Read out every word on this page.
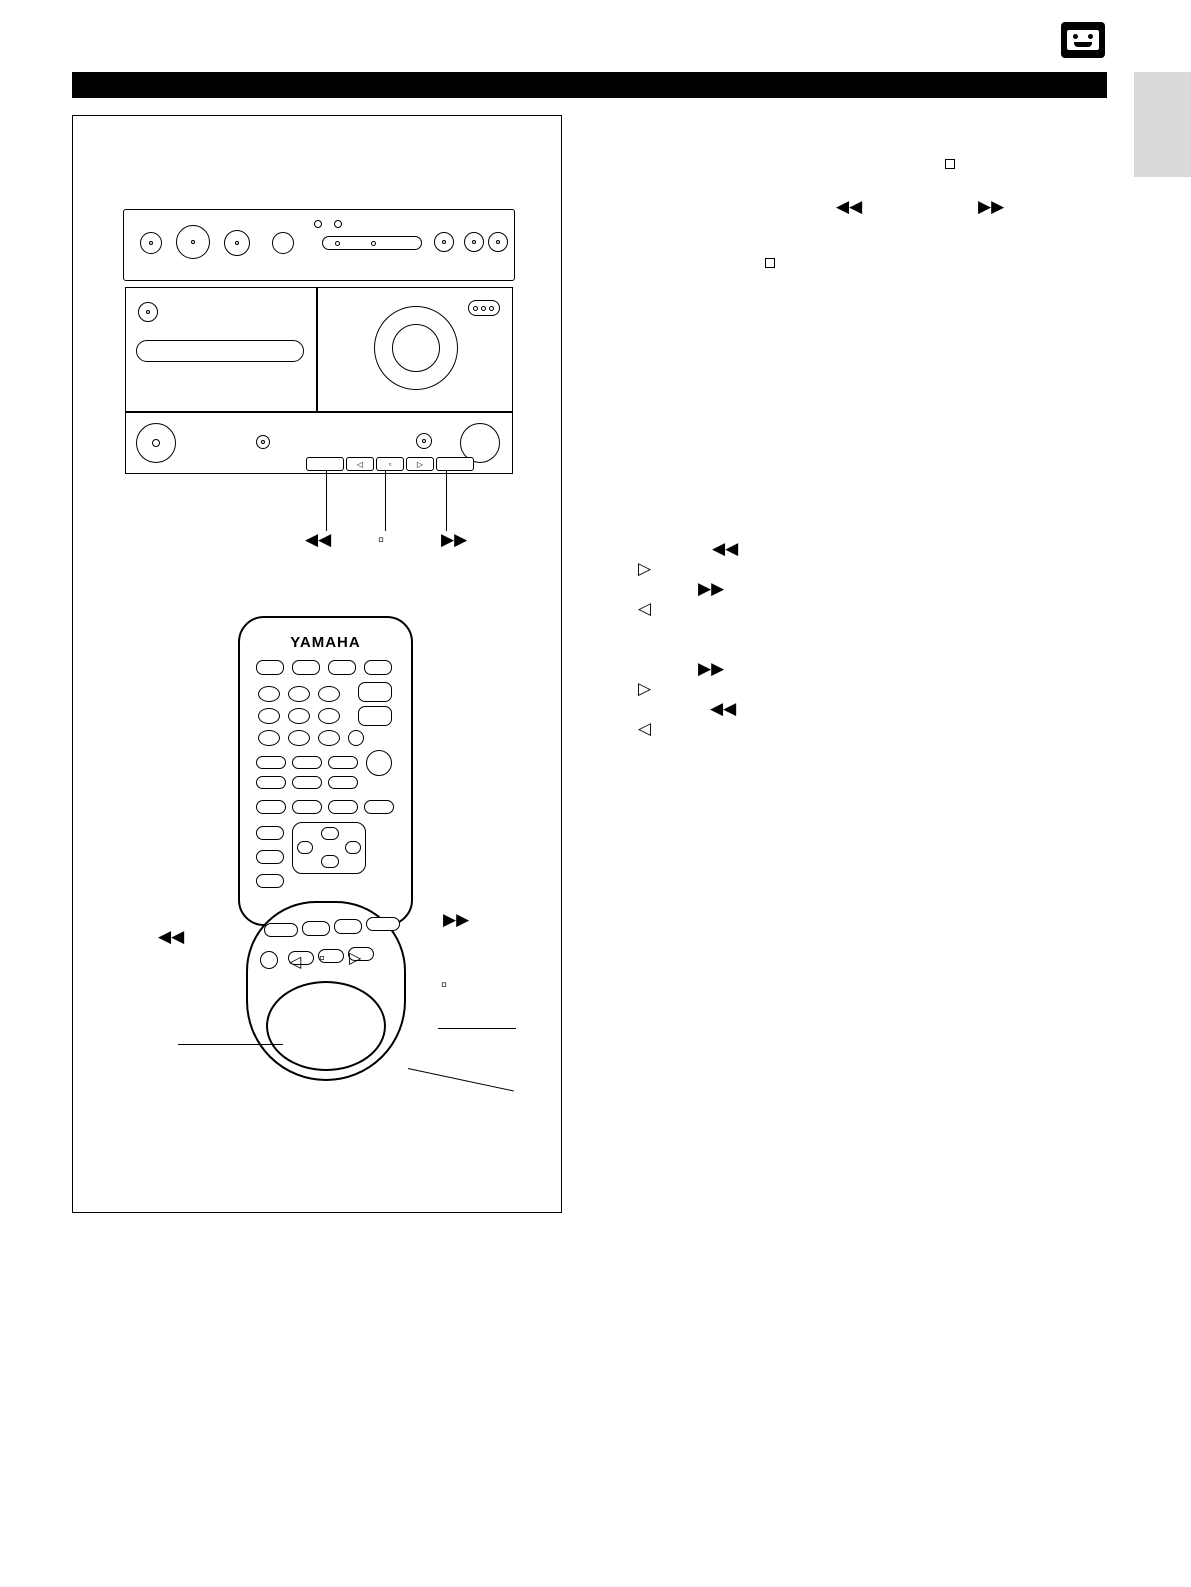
◁	▫	▷
◀◀	▫	▶▶
YAMAHA
◁	▫	▷
◀◀
▶▶
▫
◀◀	▶▶
◀◀
▷
▶▶
◁
▶▶
▷
◀◀
◁
